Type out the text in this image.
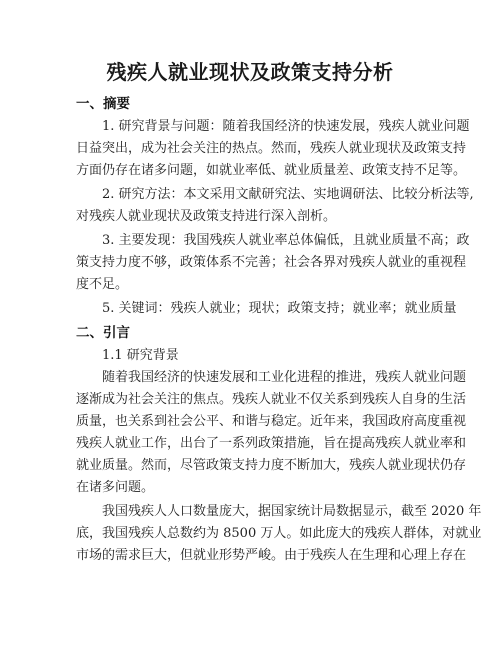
残疾人就业现状及政策支持分析
一、摘要
1. 研究背景与问题：随着我国经济的快速发展，残疾人就业问题
日益突出，成为社会关注的热点。然而，残疾人就业现状及政策支持
方面仍存在诸多问题，如就业率低、就业质量差、政策支持不足等。
2. 研究方法：本文采用文献研究法、实地调研法、比较分析法等,
对残疾人就业现状及政策支持进行深入剖析。
3. 主要发现：我国残疾人就业率总体偏低，且就业质量不高；政
策支持力度不够，政策体系不完善；社会各界对残疾人就业的重视程
度不足。
5. 关键词：残疾人就业；现状；政策支持；就业率；就业质量
二、引言
1.1 研究背景
随着我国经济的快速发展和工业化进程的推进，残疾人就业问题
逐渐成为社会关注的焦点。残疾人就业不仅关系到残疾人自身的生活
质量，也关系到社会公平、和谐与稳定。近年来，我国政府高度重视
残疾人就业工作，出台了一系列政策措施，旨在提高残疾人就业率和
就业质量。然而，尽管政策支持力度不断加大，残疾人就业现状仍存
在诸多问题。
我国残疾人人口数量庞大，据国家统计局数据显示，截至 2020 年
底，我国残疾人总数约为 8500 万人。如此庞大的残疾人群体，对就业
市场的需求巨大，但就业形势严峻。由于残疾人在生理和心理上存在
